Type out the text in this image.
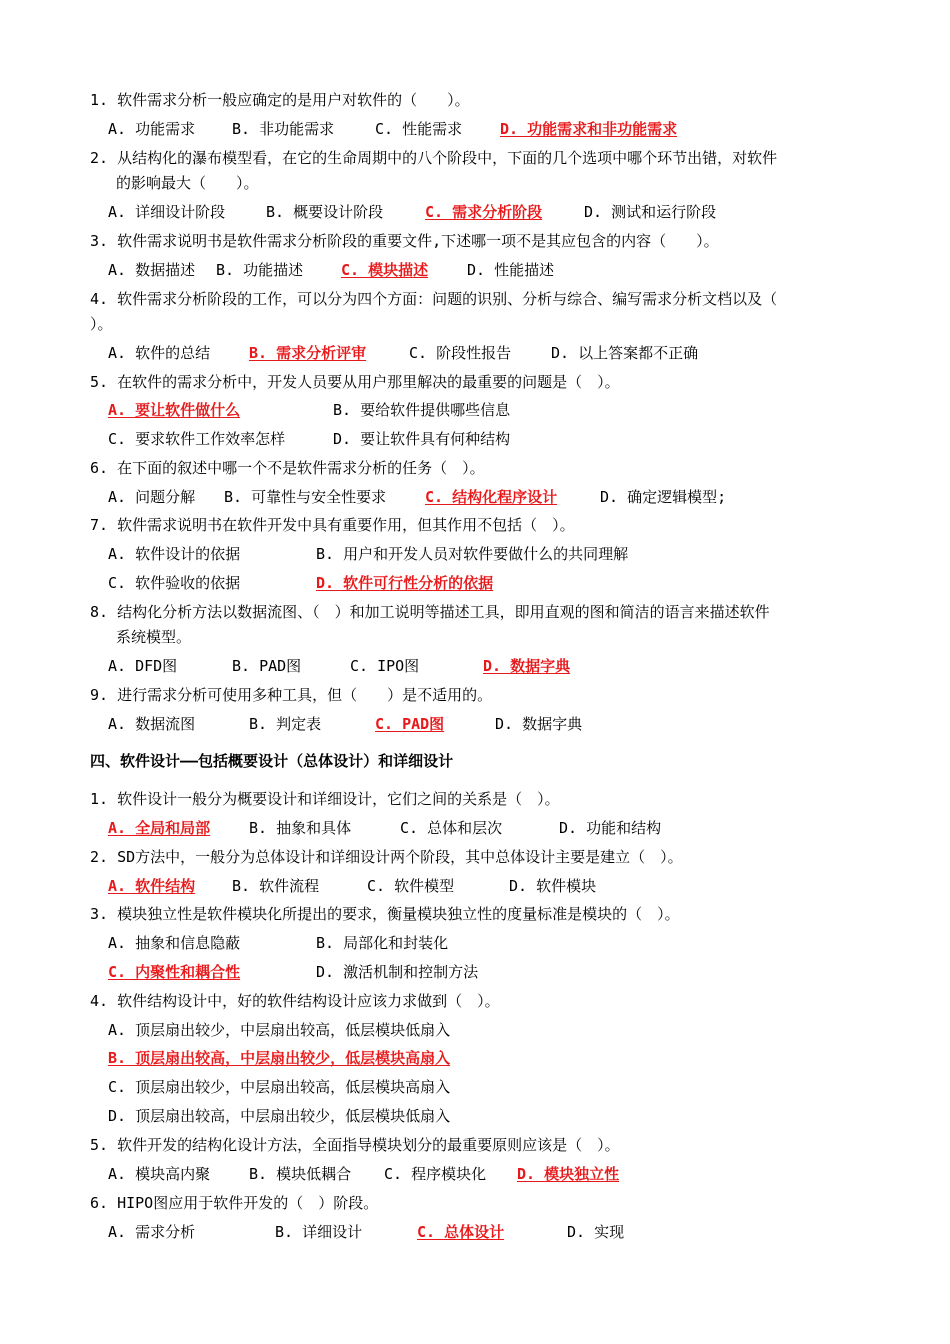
1. 软件需求分析一般应确定的是用户对软件的（　　）。
A. 功能需求 B. 非功能需求	C. 性能需求	D. 功能需求和非功能需求
2. 从结构化的瀑布模型看，在它的生命周期中的八个阶段中，下面的几个选项中哪个环节出错，对软件
的影响最大（　　）。
A. 详细设计阶段	B. 概要设计阶段	C. 需求分析阶段	D. 测试和运行阶段
3. 软件需求说明书是软件需求分析阶段的重要文件,下述哪一项不是其应包含的内容（　　）。
A. 数据描述 B. 功能描述	C. 模块描述	D. 性能描述
4. 软件需求分析阶段的工作，可以分为四个方面：问题的识别、分析与综合、编写需求分析文档以及（
）。
A. 软件的总结	B. 需求分析评审	C. 阶段性报告	D. 以上答案都不正确
5. 在软件的需求分析中，开发人员要从用户那里解决的最重要的问题是（　）。
A. 要让软件做什么	B. 要给软件提供哪些信息
C. 要求软件工作效率怎样	D. 要让软件具有何种结构
6. 在下面的叙述中哪一个不是软件需求分析的任务（　）。
A. 问题分解 B. 可靠性与安全性要求	C. 结构化程序设计	D. 确定逻辑模型;
7. 软件需求说明书在软件开发中具有重要作用，但其作用不包括（　）。
A. 软件设计的依据	B. 用户和开发人员对软件要做什么的共同理解
C. 软件验收的依据	D. 软件可行性分析的依据
8. 结构化分析方法以数据流图、（　）和加工说明等描述工具，即用直观的图和简洁的语言来描述软件
系统模型。
A. DFD图	B. PAD图	C. IPO图	D. 数据字典
9. 进行需求分析可使用多种工具，但（　　）是不适用的。
A. 数据流图	B. 判定表	C. PAD图	D. 数据字典
四、软件设计——包括概要设计（总体设计）和详细设计
1. 软件设计一般分为概要设计和详细设计，它们之间的关系是（　）。
A. 全局和局部	B. 抽象和具体	C. 总体和层次	D. 功能和结构
2. SD方法中，一般分为总体设计和详细设计两个阶段，其中总体设计主要是建立（　）。
A. 软件结构 B. 软件流程	C. 软件模型	D. 软件模块
3. 模块独立性是软件模块化所提出的要求，衡量模块独立性的度量标准是模块的（　）。
A. 抽象和信息隐蔽	B. 局部化和封装化
C. 内聚性和耦合性	D. 激活机制和控制方法
4. 软件结构设计中，好的软件结构设计应该力求做到（　）。
A. 顶层扇出较少，中层扇出较高，低层模块低扇入
B. 顶层扇出较高，中层扇出较少，低层模块高扇入
C. 顶层扇出较少，中层扇出较高，低层模块高扇入
D. 顶层扇出较高，中层扇出较少，低层模块低扇入
5. 软件开发的结构化设计方法，全面指导模块划分的最重要原则应该是（　）。
A. 模块高内聚	B. 模块低耦合 C. 程序模块化 D. 模块独立性
6. HIPO图应用于软件开发的（　）阶段。
A. 需求分析	B. 详细设计	C. 总体设计	D. 实现
